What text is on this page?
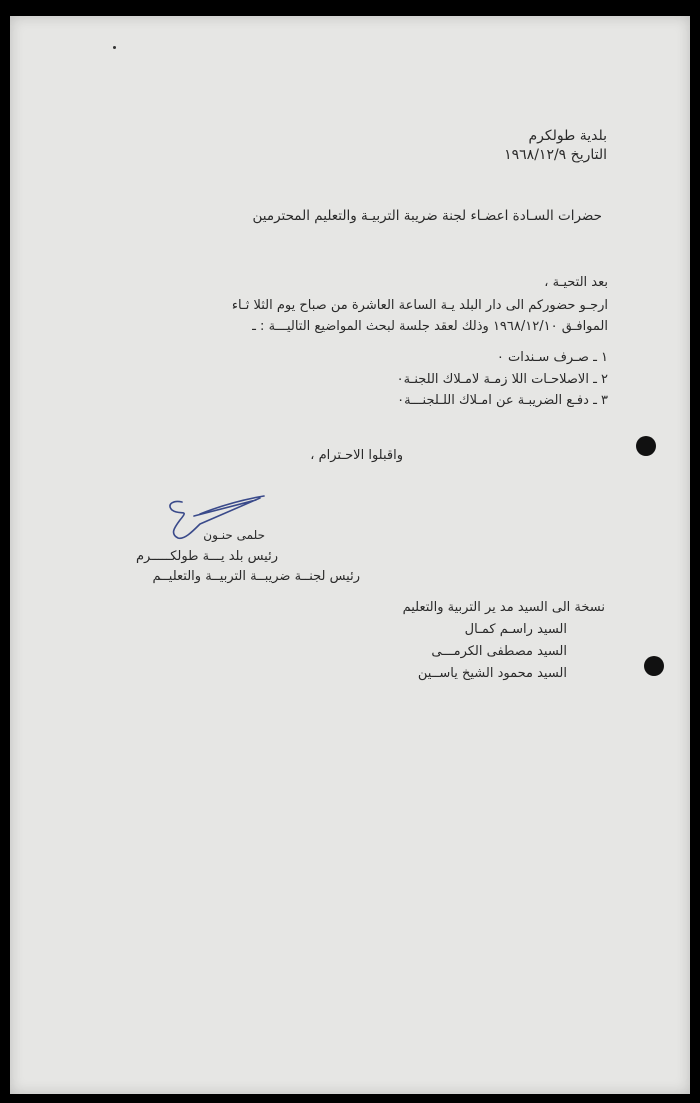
بلدية طولكرم
التاريخ ١٩٦٨/١٢/٩
حضرات السـادة اعضـاء لجنة ضريبة التربيـة والتعليم المحترمين
بعد التحيـة ،
ارجـو حضوركم الى دار البلد يـة الساعة العاشرة من صباح يوم الثلا ثـاء
الموافـق ١٩٦٨/١٢/١٠ وذلك لعقد جلسة لبحث المواضيع التاليـــة : ـ
١ ـ صـرف سـندات ٠
٢ ـ الاصلاحـات اللا زمـة لامـلاك اللجنـة٠
٣ ـ دفـع الضريبـة عن امـلاك اللـلجنـــة٠
واقبلوا الاحـترام ،
حلمى حنـون
رئيس بلد يـــة طولكـــــرم
رئيس لجنــة ضريبــة التربيــة والتعليــم
نسخة الى السيد مد ير التربية والتعليم
السيد راسـم كمـال
السيد مصطفى الكرمـــى
السيد محمود الشيخ ياســين
